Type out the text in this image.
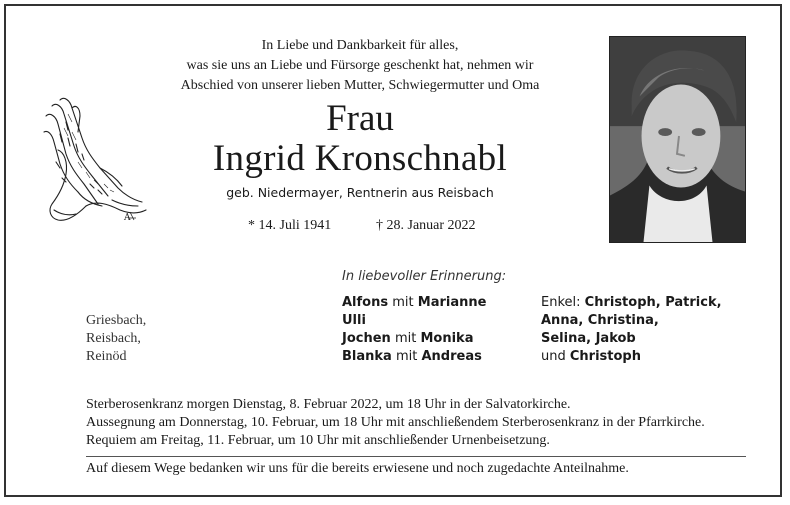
In Liebe und Dankbarkeit für alles,
was sie uns an Liebe und Fürsorge geschenkt hat, nehmen wir
Abschied von unserer lieben Mutter, Schwiegermutter und Oma
Frau
Ingrid Kronschnabl
geb. Niedermayer, Rentnerin aus Reisbach
* 14. Juli 1941	† 28. Januar 2022
A
In liebevoller Erinnerung:
Griesbach,
Reisbach,
Reinöd
Alfons mit Marianne
Ulli
Jochen mit Monika
Blanka mit Andreas
Enkel: Christoph, Patrick,
Anna, Christina,
Selina, Jakob
und Christoph
Sterberosenkranz morgen Dienstag, 8. Februar 2022, um 18 Uhr in der Salvatorkirche.
Aussegnung am Donnerstag, 10. Februar, um 18 Uhr mit anschließendem Sterberosenkranz in der Pfarrkirche.
Requiem am Freitag, 11. Februar, um 10 Uhr mit anschließender Urnenbeisetzung.
Auf diesem Wege bedanken wir uns für die bereits erwiesene und noch zugedachte Anteilnahme.
